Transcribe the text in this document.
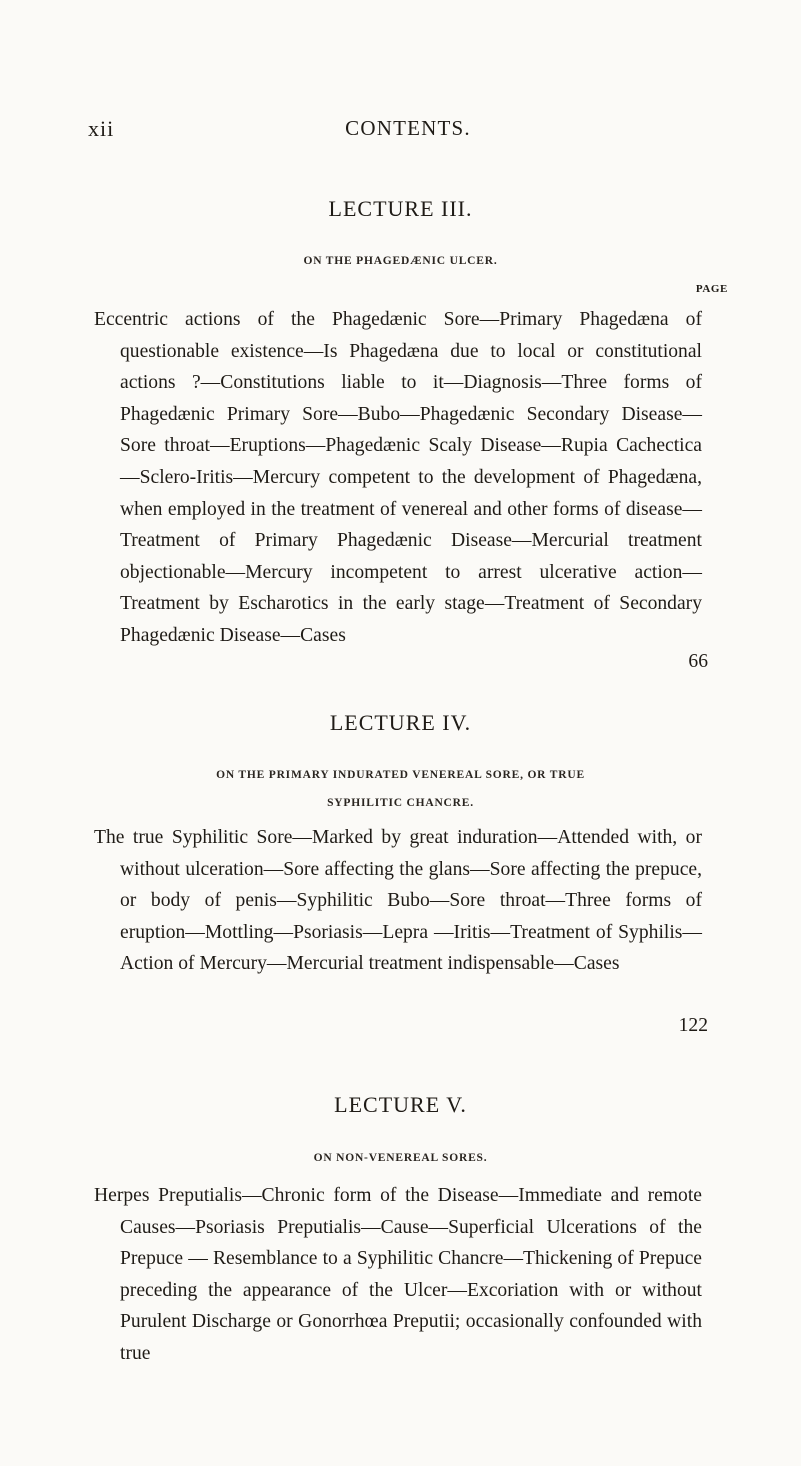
xii	CONTENTS.
LECTURE III.
ON THE PHAGEDÆNIC ULCER.
PAGE

Eccentric actions of the Phagedænic Sore—Primary Phagedæna of questionable existence—Is Phagedæna due to local or constitutional actions ?—Constitutions liable to it—Diagnosis—Three forms of Phagedænic Primary Sore—Bubo—Phagedænic Secondary Disease—Sore throat—Eruptions—Phagedænic Scaly Disease—Rupia Cachectica—Sclero-Iritis—Mercury competent to the development of Phagedæna, when employed in the treatment of venereal and other forms of disease—Treatment of Primary Phagedænic Disease—Mercurial treatment objectionable—Mercury incompetent to arrest ulcerative action—Treatment by Escharotics in the early stage—Treatment of Secondary Phagedænic Disease—Cases

66
LECTURE IV.
ON THE PRIMARY INDURATED VENEREAL SORE, OR TRUE
SYPHILITIC CHANCRE.

The true Syphilitic Sore—Marked by great induration—Attended with, or without ulceration—Sore affecting the glans—Sore affecting the prepuce, or body of penis—Syphilitic Bubo—Sore throat—Three forms of eruption—Mottling—Psoriasis—Lepra —Iritis—Treatment of Syphilis—Action of Mercury—Mercurial treatment indispensable—Cases

122
LECTURE V.
ON NON-VENEREAL SORES.

Herpes Preputialis—Chronic form of the Disease—Immediate and remote Causes—Psoriasis Preputialis—Cause—Superficial Ulcerations of the Prepuce — Resemblance to a Syphilitic Chancre—Thickening of Prepuce preceding the appearance of the Ulcer—Excoriation with or without Purulent Discharge or Gonorrhœa Preputii; occasionally confounded with true
